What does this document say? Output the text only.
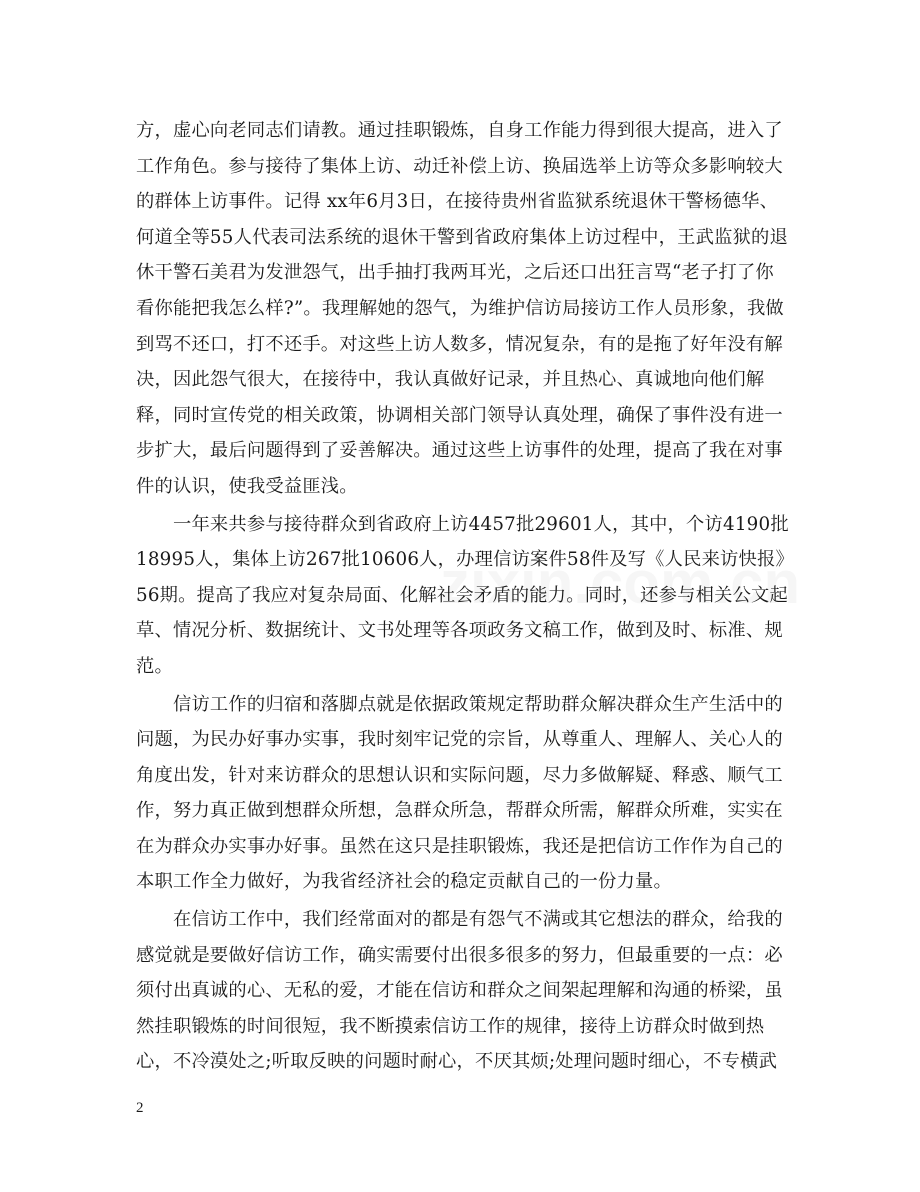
方，虚心向老同志们请教。通过挂职锻炼，自身工作能力得到很大提高，进入了
工作角色。参与接待了集体上访、动迁补偿上访、换届选举上访等众多影响较大
的群体上访事件。记得 xx年6月3日，在接待贵州省监狱系统退休干警杨德华、
何道全等55人代表司法系统的退休干警到省政府集体上访过程中，王武监狱的退
休干警石美君为发泄怨气，出手抽打我两耳光，之后还口出狂言骂“老子打了你
看你能把我怎么样?”。我理解她的怨气，为维护信访局接访工作人员形象，我做
到骂不还口，打不还手。对这些上访人数多，情况复杂，有的是拖了好年没有解
决，因此怨气很大，在接待中，我认真做好记录，并且热心、真诚地向他们解
释，同时宣传党的相关政策，协调相关部门领导认真处理，确保了事件没有进一
步扩大，最后问题得到了妥善解决。通过这些上访事件的处理，提高了我在对事
件的认识，使我受益匪浅。
　　一年来共参与接待群众到省政府上访4457批29601人，其中，个访4190批
18995人，集体上访267批10606人，办理信访案件58件及写《人民来访快报》
56期。提高了我应对复杂局面、化解社会矛盾的能力。同时，还参与相关公文起
草、情况分析、数据统计、文书处理等各项政务文稿工作，做到及时、标准、规
范。
　　信访工作的归宿和落脚点就是依据政策规定帮助群众解决群众生产生活中的
问题，为民办好事办实事，我时刻牢记党的宗旨，从尊重人、理解人、关心人的
角度出发，针对来访群众的思想认识和实际问题，尽力多做解疑、释惑、顺气工
作，努力真正做到想群众所想，急群众所急，帮群众所需，解群众所难，实实在
在为群众办实事办好事。虽然在这只是挂职锻炼，我还是把信访工作作为自己的
本职工作全力做好，为我省经济社会的稳定贡献自己的一份力量。
　　在信访工作中，我们经常面对的都是有怨气不满或其它想法的群众，给我的
感觉就是要做好信访工作，确实需要付出很多很多的努力，但最重要的一点：必
须付出真诚的心、无私的爱，才能在信访和群众之间架起理解和沟通的桥梁，虽
然挂职锻炼的时间很短，我不断摸索信访工作的规律，接待上访群众时做到热
心，不冷漠处之;听取反映的问题时耐心，不厌其烦;处理问题时细心，不专横武
2
